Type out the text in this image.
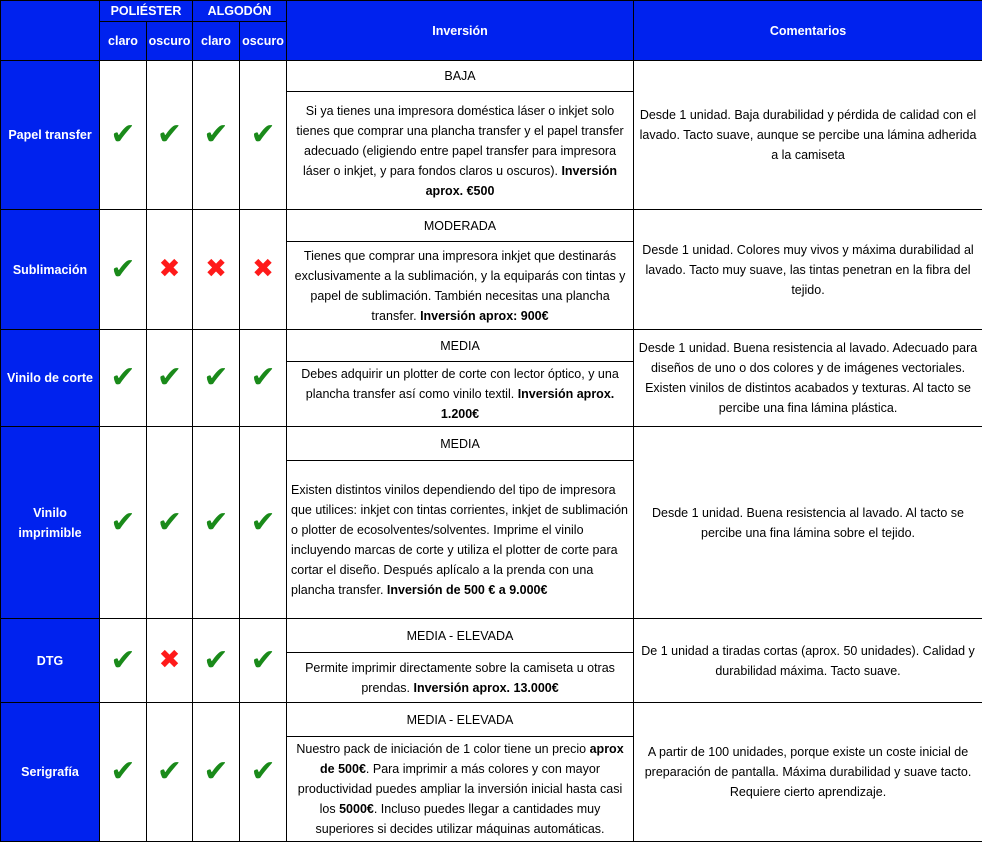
	POLIÉSTER		ALGODÓN		Inversión	Comentarios
	claro	oscuro	claro	oscuro		
Papel transfer	✔	✔	✔	✔	BAJA	Desde 1 unidad. Baja durabilidad y pérdida de calidad con el lavado. Tacto suave, aunque se percibe una lámina adherida a la camiseta
					Si ya tienes una impresora doméstica láser o inkjet solo tienes que comprar una plancha transfer y el papel transfer adecuado (eligiendo entre papel transfer para impresora láser o inkjet, y para fondos claros u oscuros). Inversión aprox. €500	
Sublimación	✔	✖	✖	✖	MODERADA	Desde 1 unidad. Colores muy vivos y máxima durabilidad al lavado. Tacto muy suave, las tintas penetran en la fibra del tejido.
					Tienes que comprar una impresora inkjet que destinarás exclusivamente a la sublimación, y la equiparás con tintas y papel de sublimación. También necesitas una plancha transfer. Inversión aprox: 900€	
Vinilo de corte	✔	✔	✔	✔	MEDIA	Desde 1 unidad. Buena resistencia al lavado. Adecuado para diseños de uno o dos colores y de imágenes vectoriales. Existen vinilos de distintos acabados y texturas. Al tacto se percibe una fina lámina plástica.
					Debes adquirir un plotter de corte con lector óptico, y una plancha transfer así como vinilo textil. Inversión aprox. 1.200€	
Vinilo imprimible	✔	✔	✔	✔	MEDIA	Desde 1 unidad. Buena resistencia al lavado. Al tacto se percibe una fina lámina sobre el tejido.
					Existen distintos vinilos dependiendo del tipo de impresora que utilices: inkjet con tintas corrientes, inkjet de sublimación o plotter de ecosolventes/solventes. Imprime el vinilo incluyendo marcas de corte y utiliza el plotter de corte para cortar el diseño. Después aplícalo a la prenda con una plancha transfer. Inversión de 500 € a 9.000€	
DTG	✔	✖	✔	✔	MEDIA - ELEVADA	De 1 unidad a tiradas cortas (aprox. 50 unidades). Calidad y durabilidad máxima. Tacto suave.
					Permite imprimir directamente sobre la camiseta u otras prendas. Inversión aprox. 13.000€	
Serigrafía	✔	✔	✔	✔	MEDIA - ELEVADA	A partir de 100 unidades, porque existe un coste inicial de preparación de pantalla. Máxima durabilidad y suave tacto. Requiere cierto aprendizaje.
					Nuestro pack de iniciación de 1 color tiene un precio aprox de 500€. Para imprimir a más colores y con mayor productividad puedes ampliar la inversión inicial hasta casi los 5000€. Incluso puedes llegar a cantidades muy superiores si decides utilizar máquinas automáticas.	
